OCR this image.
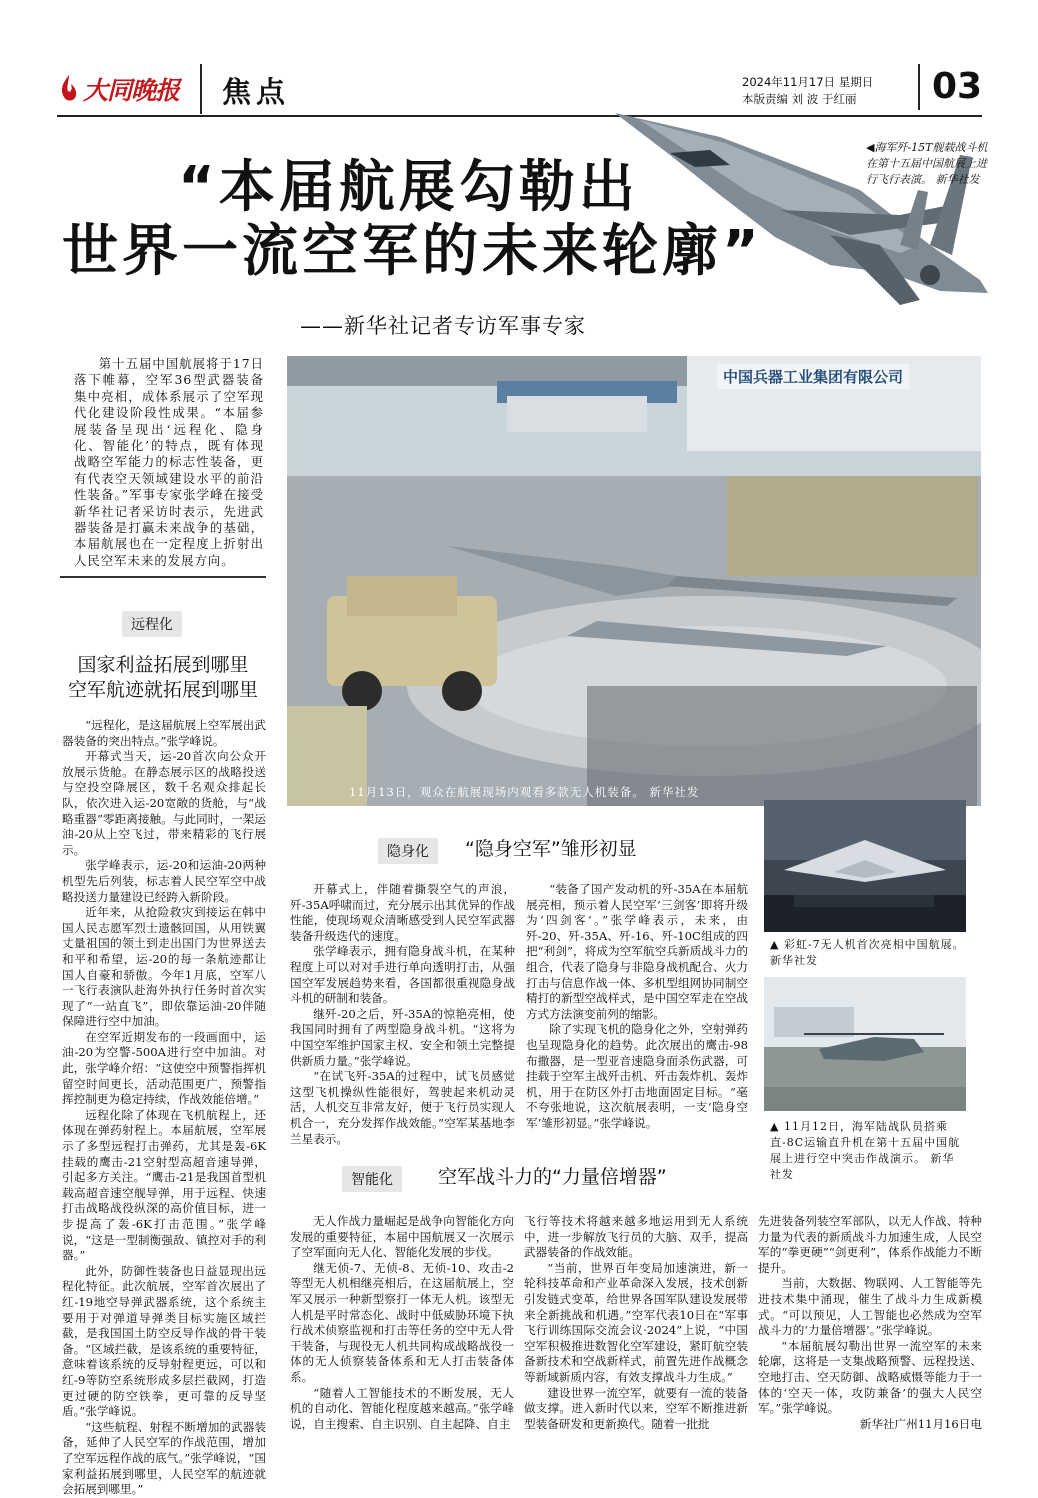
大同晚报 焦点	2024年11月17日 星期日
本版责编 刘 波 于红丽	03
◀海军歼-15T舰载战斗机在第十五届中国航展上进行飞行表演。 新华社发
“本届航展勾勒出
世界一流空军的未来轮廓”
——新华社记者专访军事专家
第十五届中国航展将于17日落下帷幕，空军36型武器装备集中亮相，成体系展示了空军现代化建设阶段性成果。“本届参展装备呈现出‘远程化、隐身化、智能化’的特点，既有体现战略空军能力的标志性装备，更有代表空天领域建设水平的前沿性装备。”军事专家张学峰在接受新华社记者采访时表示，先进武器装备是打赢未来战争的基础，本届航展也在一定程度上折射出人民空军未来的发展方向。
中国兵器工业集团有限公司
11月13日，观众在航展现场内观看多款无人机装备。 新华社发
远程化
国家利益拓展到哪里
空军航迹就拓展到哪里

“远程化，是这届航展上空军展出武器装备的突出特点。”张学峰说。

开幕式当天，运-20首次向公众开放展示货舱。在静态展示区的战略投送与空投空降展区，数千名观众排起长队，依次进入运-20宽敞的货舱，与“战略重器”零距离接触。与此同时，一架运油-20从上空飞过，带来精彩的飞行展示。

张学峰表示，运-20和运油-20两种机型先后列装，标志着人民空军空中战略投送力量建设已经跨入新阶段。

近年来，从抢险救灾到接运在韩中国人民志愿军烈士遗骸回国，从用铁翼丈量祖国的领土到走出国门为世界送去和平和希望，运-20的每一条航迹都让国人自豪和骄傲。今年1月底，空军八一飞行表演队赴海外执行任务时首次实现了“一站直飞”，即依靠运油-20伴随保障进行空中加油。

在空军近期发布的一段画面中，运油-20为空警-500A进行空中加油。对此，张学峰介绍：“这使空中预警指挥机留空时间更长，活动范围更广，预警指挥控制更为稳定持续，作战效能倍增。”

远程化除了体现在飞机航程上，还体现在弹药射程上。本届航展，空军展示了多型远程打击弹药，尤其是轰-6K挂载的鹰击-21空射型高超音速导弹，引起多方关注。“鹰击-21是我国首型机载高超音速空舰导弹，用于远程、快速打击战略战役纵深的高价值目标，进一步提高了轰-6K打击范围。”张学峰说，“这是一型制衡强敌、镇控对手的利器。”

此外，防御性装备也日益显现出远程化特征。此次航展，空军首次展出了红-19地空导弹武器系统，这个系统主要用于对弹道导弹类目标实施区域拦截，是我国国土防空反导作战的骨干装备。“区域拦截，是该系统的重要特征，意味着该系统的反导射程更远，可以和红-9等防空系统形成多层拦截网，打造更过硬的防空铁拳，更可靠的反导坚盾。”张学峰说。

“这些航程、射程不断增加的武器装备，延伸了人民空军的作战范围，增加了空军远程作战的底气。”张学峰说，“国家利益拓展到哪里，人民空军的航迹就会拓展到哪里。”

隐身化	“隐身空军”雏形初显

开幕式上，伴随着撕裂空气的声浪，歼-35A呼啸而过，充分展示出其优异的作战性能，使现场观众清晰感受到人民空军武器装备升级迭代的速度。

张学峰表示，拥有隐身战斗机，在某种程度上可以对对手进行单向透明打击，从强国空军发展趋势来看，各国都很重视隐身战斗机的研制和装备。

继歼-20之后，歼-35A的惊艳亮相，使我国同时拥有了两型隐身战斗机。“这将为中国空军维护国家主权、安全和领土完整提供新质力量。”张学峰说。

“在试飞歼-35A的过程中，试飞员感觉这型飞机操纵性能很好，驾驶起来机动灵活，人机交互非常友好，便于飞行员实现人机合一，充分发挥作战效能。”空军某基地李兰星表示。

“装备了国产发动机的歼-35A在本届航展亮相，预示着人民空军‘三剑客’即将升级为‘四剑客’。”张学峰表示，未来，由歼-20、歼-35A、歼-16、歼-10C组成的四把“利剑”，将成为空军航空兵新质战斗力的组合，代表了隐身与非隐身战机配合、火力打击与信息作战一体、多机型组网协同制空精打的新型空战样式，是中国空军走在空战方式方法演变前列的缩影。

除了实现飞机的隐身化之外，空射弹药也呈现隐身化的趋势。此次展出的鹰击-98布撒器，是一型亚音速隐身面杀伤武器，可挂载于空军主战歼击机、歼击轰炸机、轰炸机，用于在防区外打击地面固定目标。“毫不夸张地说，这次航展表明，一支‘隐身空军’雏形初显。”张学峰说。

▲ 彩虹-7无人机首次亮相中国航展。 新华社发
▲ 11月12日，海军陆战队员搭乘直-8C运输直升机在第十五届中国航展上进行空中突击作战演示。 新华社发
智能化	空军战斗力的“力量倍增器”

无人作战力量崛起是战争向智能化方向发展的重要特征，本届中国航展又一次展示了空军面向无人化、智能化发展的步伐。

继无侦-7、无侦-8、无侦-10、攻击-2等型无人机相继亮相后，在这届航展上，空军又展示一种新型察打一体无人机。该型无人机是平时常态化、战时中低威胁环境下执行战术侦察监视和打击等任务的空中无人骨干装备，与现役无人机共同构成战略战役一体的无人侦察装备体系和无人打击装备体系。

“随着人工智能技术的不断发展，无人机的自动化、智能化程度越来越高。”张学峰说，自主搜索、自主识别、自主起降、自主

飞行等技术将越来越多地运用到无人系统中，进一步解放飞行员的大脑、双手，提高武器装备的作战效能。

“当前，世界百年变局加速演进，新一轮科技革命和产业革命深入发展，技术创新引发链式变革，给世界各国军队建设发展带来全新挑战和机遇。”空军代表10日在“军事飞行训练国际交流会议·2024”上说，“中国空军积极推进数智化空军建设，紧盯航空装备新技术和空战新样式，前置先进作战概念等新域新质内容，有效支撑战斗力生成。”

建设世界一流空军，就要有一流的装备做支撑。进入新时代以来，空军不断推进新型装备研发和更新换代。随着一批批

先进装备列装空军部队，以无人作战、特种力量为代表的新质战斗力加速生成，人民空军的“拳更硬”“剑更利”，体系作战能力不断提升。

当前，大数据、物联网、人工智能等先进技术集中涌现，催生了战斗力生成新模式。“可以预见，人工智能也必然成为空军战斗力的‘力量倍增器’。”张学峰说。

“本届航展勾勒出世界一流空军的未来轮廓，这将是一支集战略预警、远程投送、空地打击、空天防御、战略威慑等能力于一体的‘空天一体，攻防兼备’的强大人民空军。”张学峰说。

新华社广州11月16日电
